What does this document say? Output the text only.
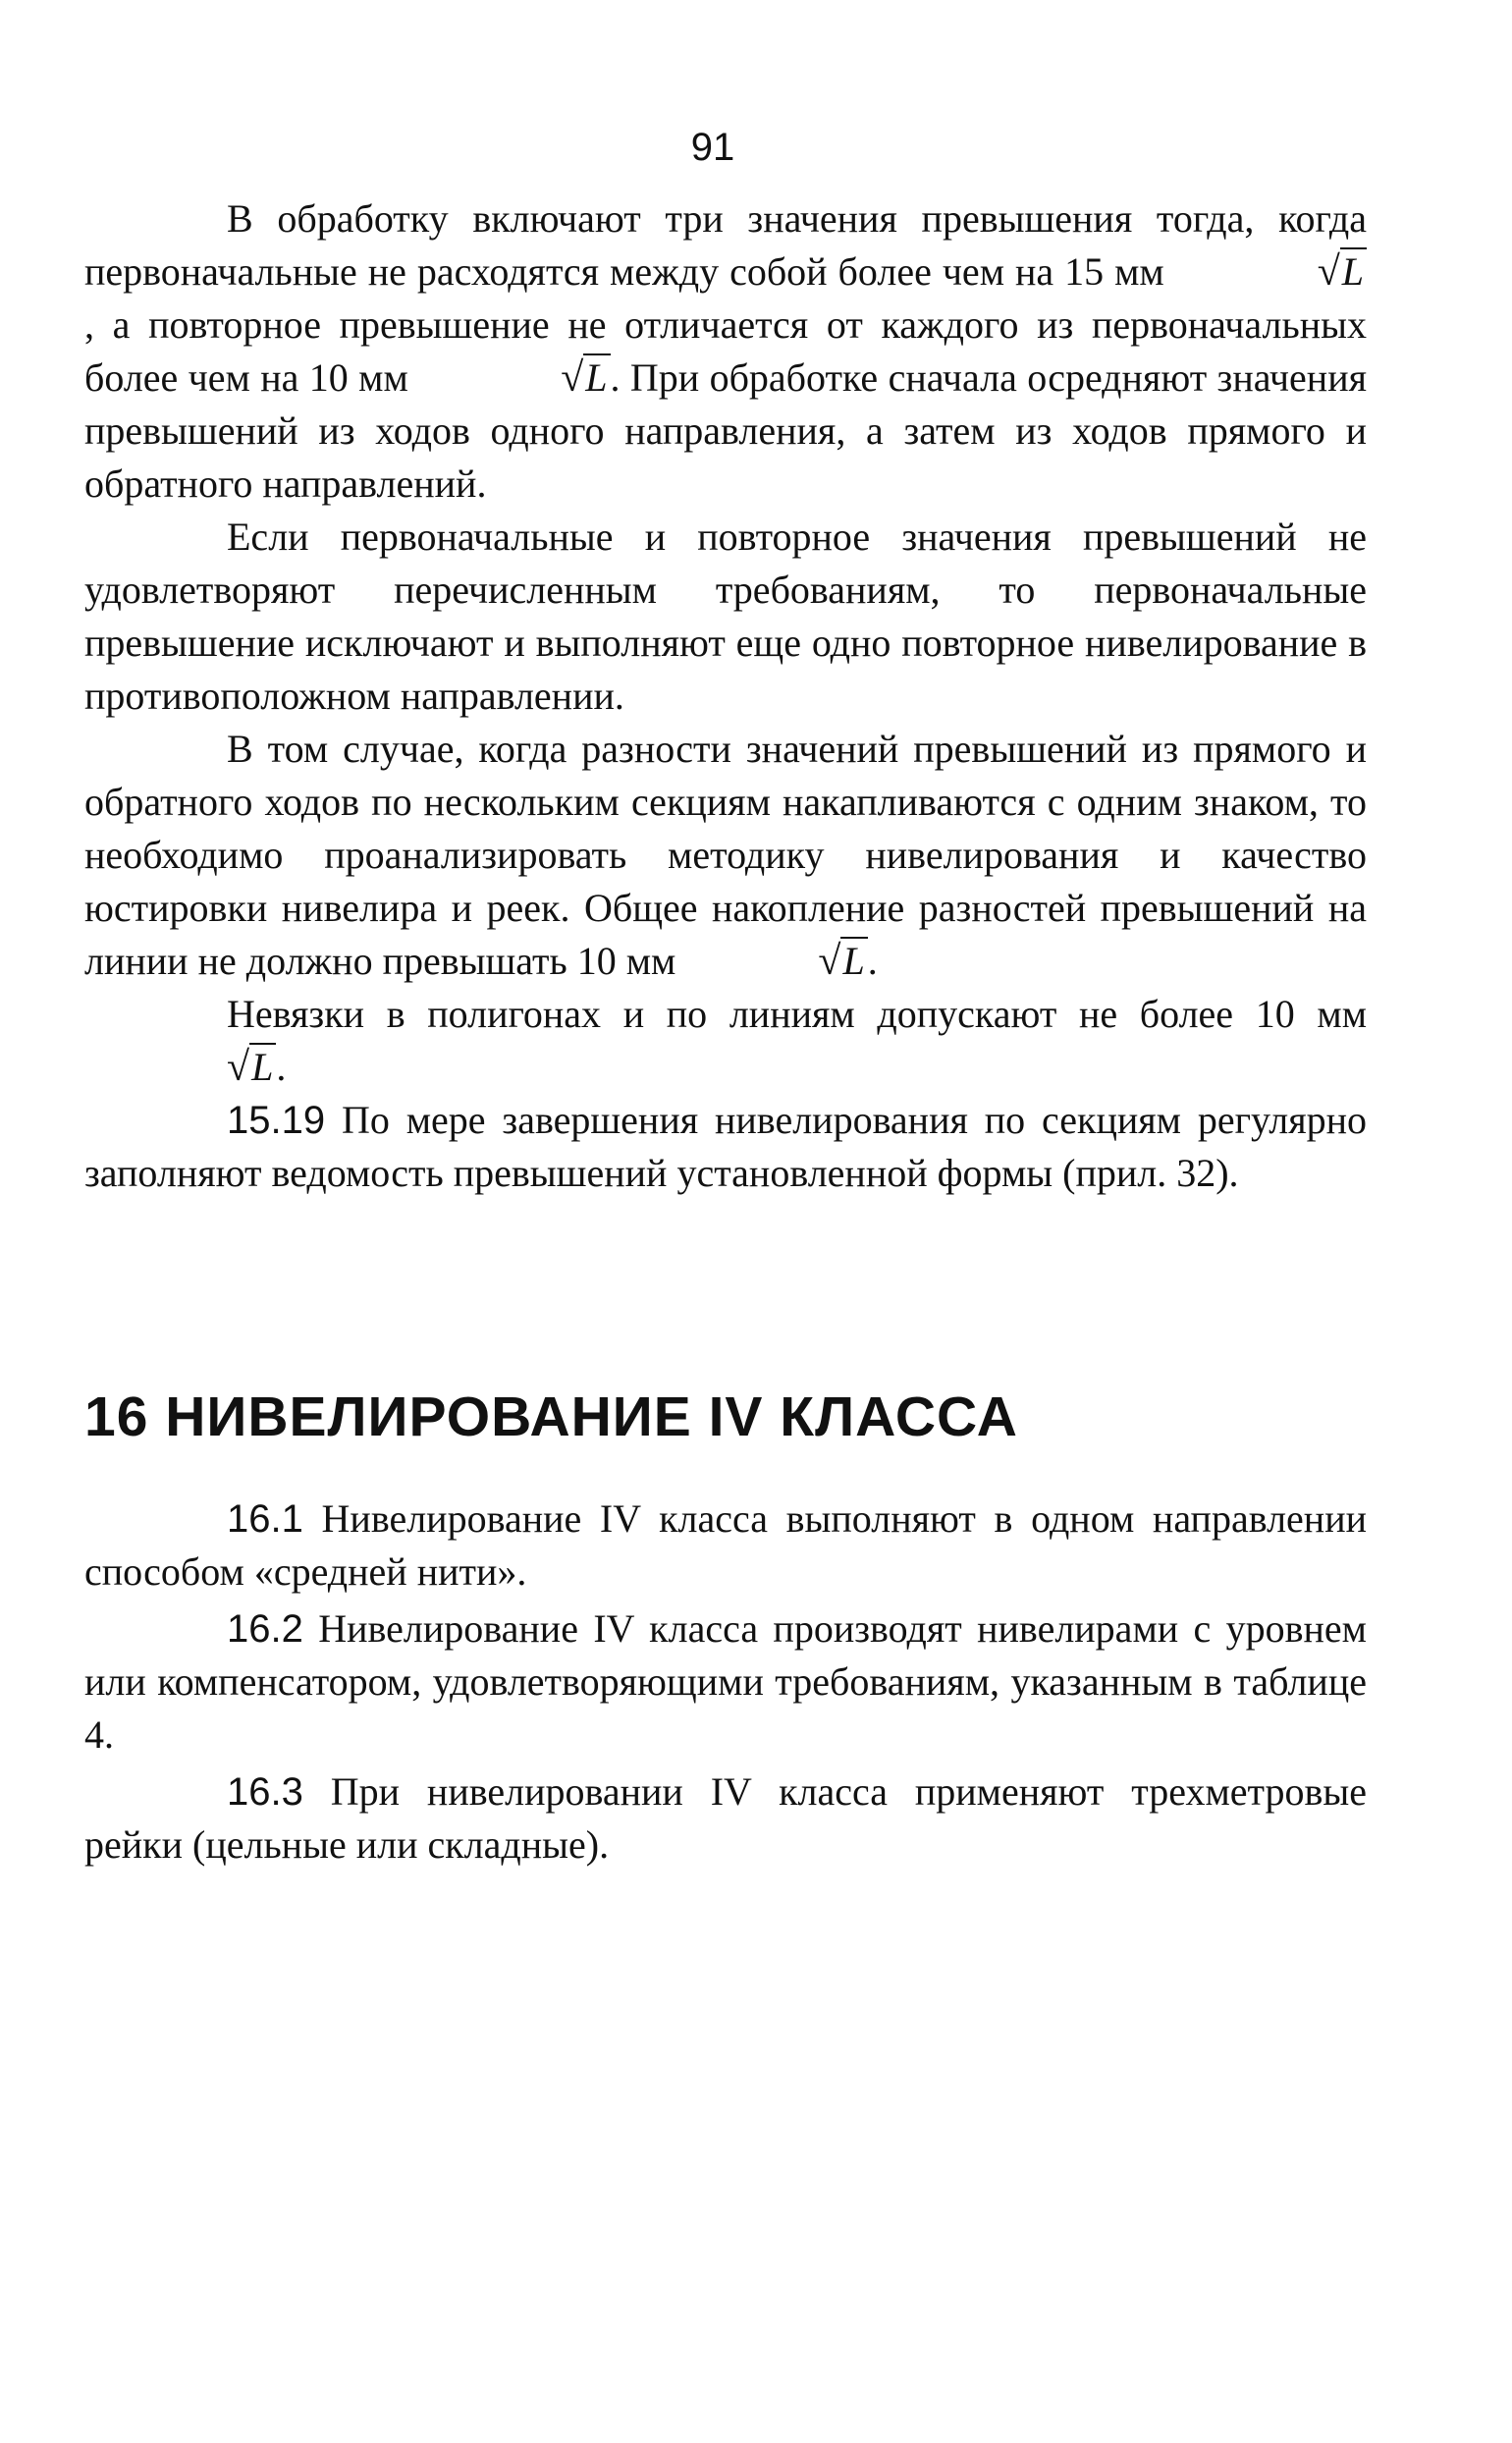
91

В обработку включают три значения превышения тогда, когда первоначальные не расходятся между собой более чем на 15 мм	√L, а повторное превышение не отличается от каждого из первоначальных более чем на 10 мм	√L. При обработке сначала осредняют значения превышений из ходов одного направления, а затем из ходов прямого и обратного направлений.

Если первоначальные и повторное значения превышений не удовлетворяют перечисленным требованиям, то первоначальные превышение исключают и выполняют еще одно повторное нивелирование в противоположном направлении.

В том случае, когда разности значений превышений из прямого и обратного ходов по нескольким секциям накапливаются с одним знаком, то необходимо проанализировать методику нивелирования и качество юстировки нивелира и реек. Общее накопление разностей превышений на линии не должно превышать 10 мм	√L.

Невязки в полигонах и по линиям допускают не более 10 мм √L.

15.19 По мере завершения нивелирования по секциям регулярно заполняют ведомость превышений установленной формы (прил. 32).

16 НИВЕЛИРОВАНИЕ IV КЛАССА

16.1 Нивелирование IV класса выполняют в одном направлении способом «средней нити».

16.2 Нивелирование IV класса производят нивелирами с уровнем или компенсатором, удовлетворяющими требованиям, указанным в таблице 4.

16.3 При нивелировании IV класса применяют трехметровые рейки (цельные или складные).
